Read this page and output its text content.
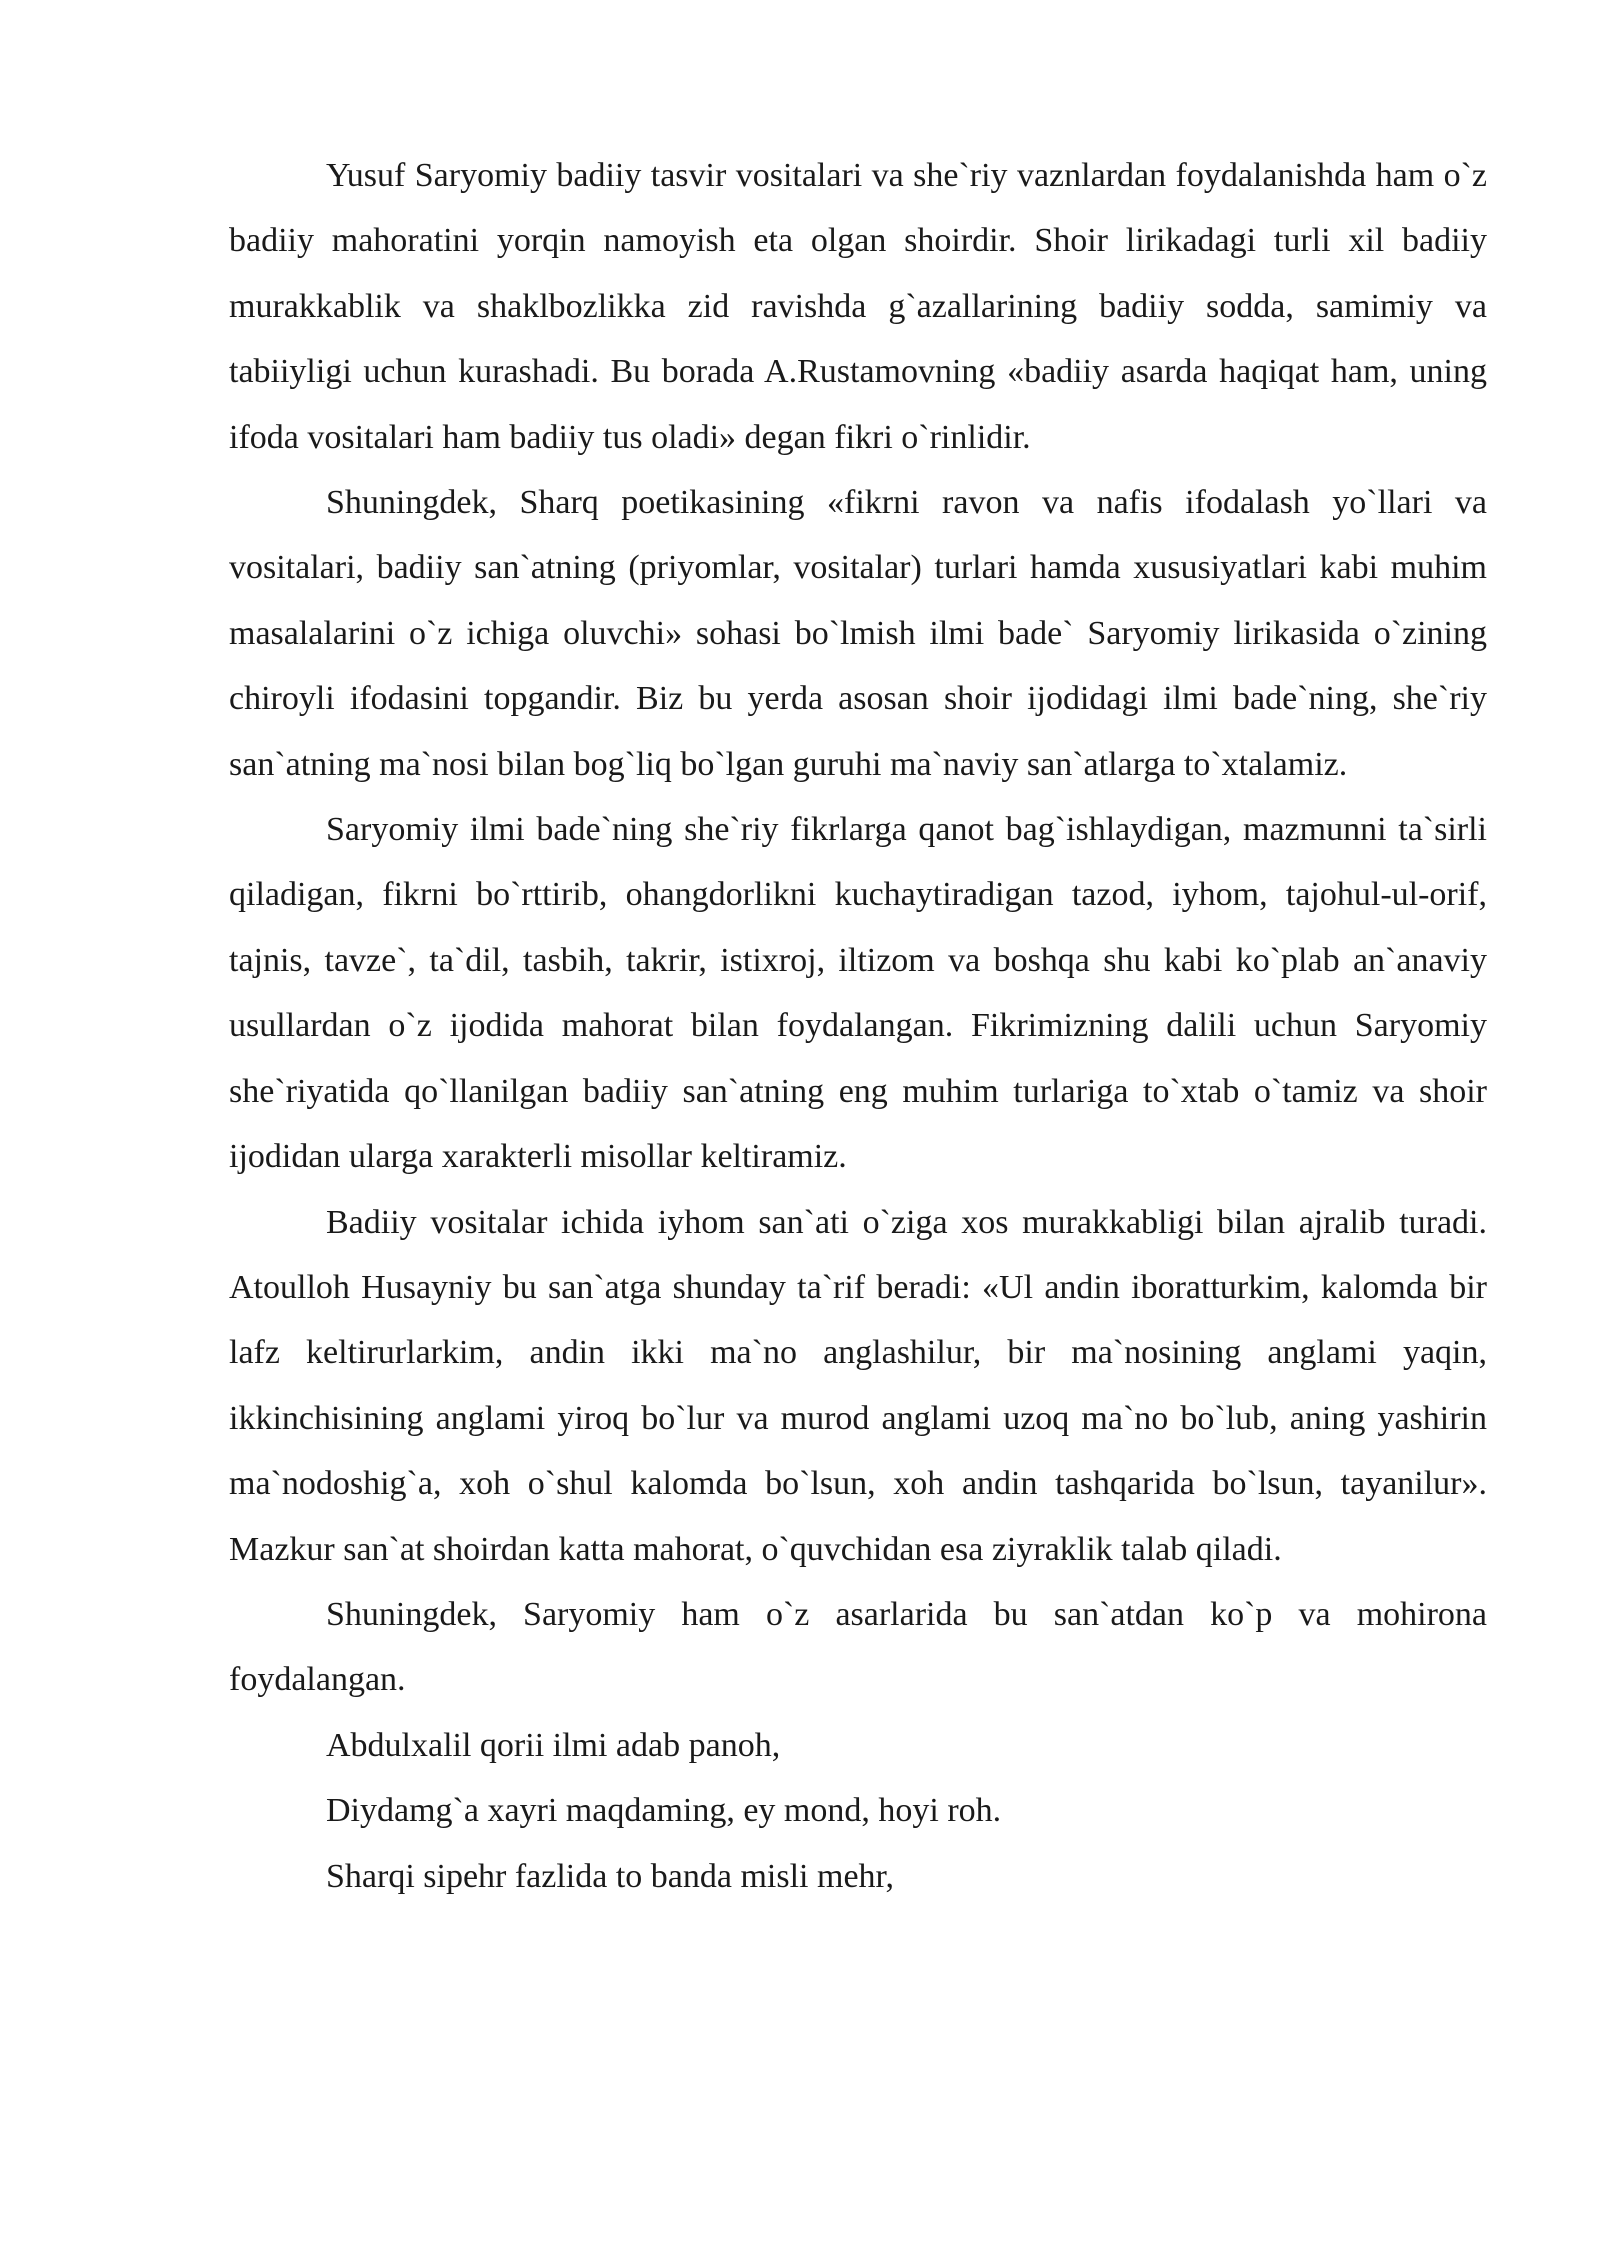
Yusuf Saryomiy badiiy tasvir vositalari va she`riy vaznlardan foydalanishda ham o`z badiiy mahoratini yorqin namoyish eta olgan shoirdir. Shoir lirikadagi turli xil badiiy murakkablik va shaklbozlikka zid ravishda g`azallarining badiiy sodda, samimiy va tabiiyligi uchun kurashadi. Bu borada A.Rustamovning «badiiy asarda haqiqat ham, uning ifoda vositalari ham badiiy tus oladi» degan fikri o`rinlidir.

Shuningdek, Sharq poetikasining «fikrni ravon va nafis ifodalash yo`llari va vositalari, badiiy san`atning (priyomlar, vositalar) turlari hamda xususiyatlari kabi muhim masalalarini o`z ichiga oluvchi» sohasi bo`lmish ilmi bade` Saryomiy lirikasida o`zining chiroyli ifodasini topgandir. Biz bu yerda asosan shoir ijodidagi ilmi bade`ning, she`riy san`atning ma`nosi bilan bog`liq bo`lgan guruhi ma`naviy san`atlarga to`xtalamiz.

Saryomiy ilmi bade`ning she`riy fikrlarga qanot bag`ishlaydigan, mazmunni ta`sirli qiladigan, fikrni bo`rttirib, ohangdorlikni kuchaytiradigan tazod, iyhom, tajohul-ul-orif, tajnis, tavze`, ta`dil, tasbih, takrir, istixroj, iltizom va boshqa shu kabi ko`plab an`anaviy usullardan o`z ijodida mahorat bilan foydalangan. Fikrimizning dalili uchun Saryomiy she`riyatida qo`llanilgan badiiy san`atning eng muhim turlariga to`xtab o`tamiz va shoir ijodidan ularga xarakterli misollar keltiramiz.

Badiiy vositalar ichida iyhom san`ati o`ziga xos murakkabligi bilan ajralib turadi. Atoulloh Husayniy bu san`atga shunday ta`rif beradi: «Ul andin iboratturkim, kalomda bir lafz keltirurlarkim, andin ikki ma`no anglashilur, bir ma`nosining anglami yaqin, ikkinchisining anglami yiroq bo`lur va murod anglami uzoq ma`no bo`lub, aning yashirin ma`nodoshig`a, xoh o`shul kalomda bo`lsun, xoh andin tashqarida bo`lsun, tayanilur». Mazkur san`at shoirdan katta mahorat, o`quvchidan esa ziyraklik talab qiladi.

Shuningdek, Saryomiy ham o`z asarlarida bu san`atdan ko`p va mohirona foydalangan.

Abdulxalil qorii ilmi adab panoh,

Diydamg`a xayri maqdaming, ey mond, hoyi roh.

Sharqi sipehr fazlida to banda misli mehr,
